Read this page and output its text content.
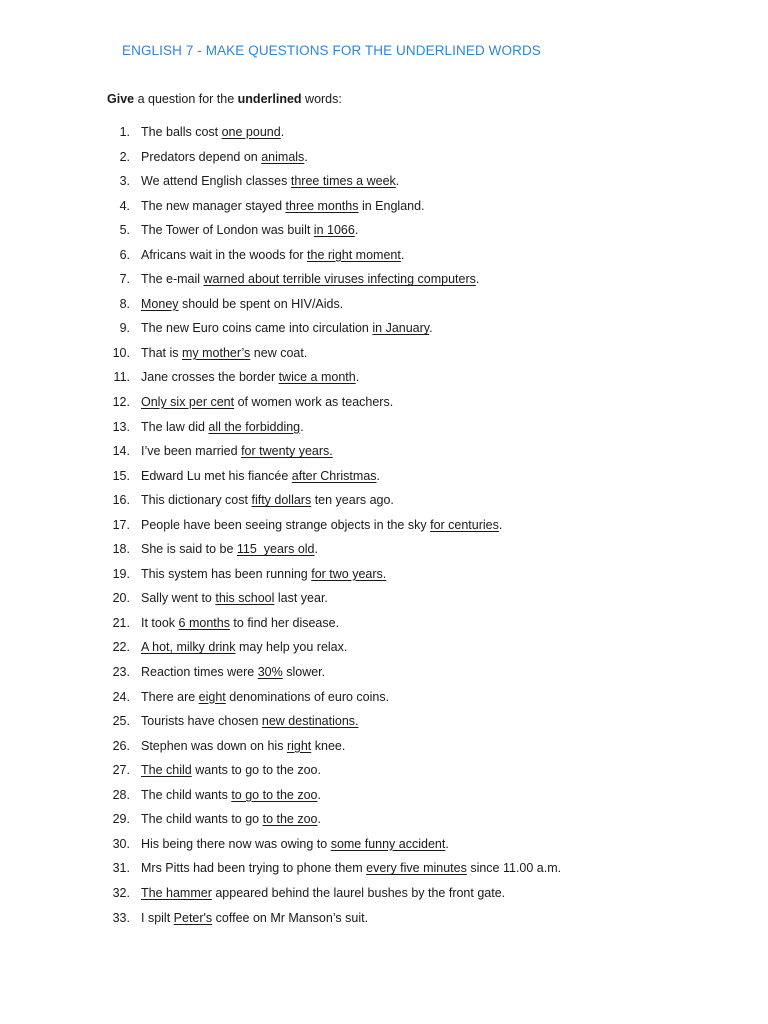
ENGLISH 7 - MAKE QUESTIONS FOR THE UNDERLINED WORDS
Give a question for the underlined words:
1. The balls cost one pound.
2. Predators depend on animals.
3. We attend English classes three times a week.
4. The new manager stayed three months in England.
5. The Tower of London was built in 1066.
6. Africans wait in the woods for the right moment.
7. The e-mail warned about terrible viruses infecting computers.
8. Money should be spent on HIV/Aids.
9. The new Euro coins came into circulation in January.
10. That is my mother’s new coat.
11. Jane crosses the border twice a month.
12. Only six per cent of women work as teachers.
13. The law did all the forbidding.
14. I’ve been married for twenty years.
15. Edward Lu met his fiancée after Christmas.
16. This dictionary cost fifty dollars ten years ago.
17. People have been seeing strange objects in the sky for centuries.
18. She is said to be 115  years old.
19. This system has been running for two years.
20. Sally went to this school last year.
21. It took 6 months to find her disease.
22. A hot, milky drink may help you relax.
23. Reaction times were 30% slower.
24. There are eight denominations of euro coins.
25. Tourists have chosen new destinations.
26. Stephen was down on his right knee.
27. The child wants to go to the zoo.
28. The child wants to go to the zoo.
29. The child wants to go to the zoo.
30. His being there now was owing to some funny accident.
31. Mrs Pitts had been trying to phone them every five minutes since 11.00 a.m.
32. The hammer appeared behind the laurel bushes by the front gate.
33. I spilt Peter's coffee on Mr Manson’s suit.
